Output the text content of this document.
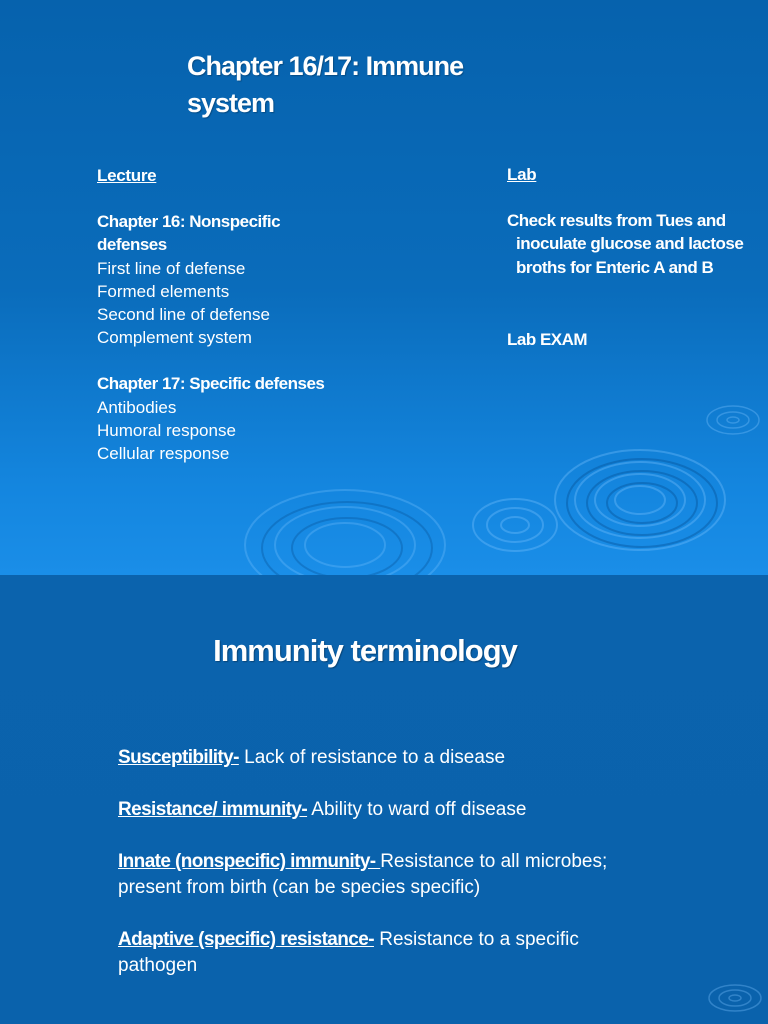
Chapter 16/17: Immune system
Lecture
Chapter 16: Nonspecific defenses
First line of defense
Formed elements
Second line of defense Complement system
Chapter 17: Specific defenses
Antibodies
Humoral response
Cellular response
Lab
Check results from Tues and inoculate glucose and lactose broths for Enteric A and B
Lab EXAM
Immunity terminology

Susceptibility- Lack of resistance to a disease

Resistance/ immunity- Ability to ward off disease

Innate (nonspecific) immunity- Resistance to all microbes; present from birth (can be species specific)

Adaptive (specific) resistance- Resistance to a specific pathogen
